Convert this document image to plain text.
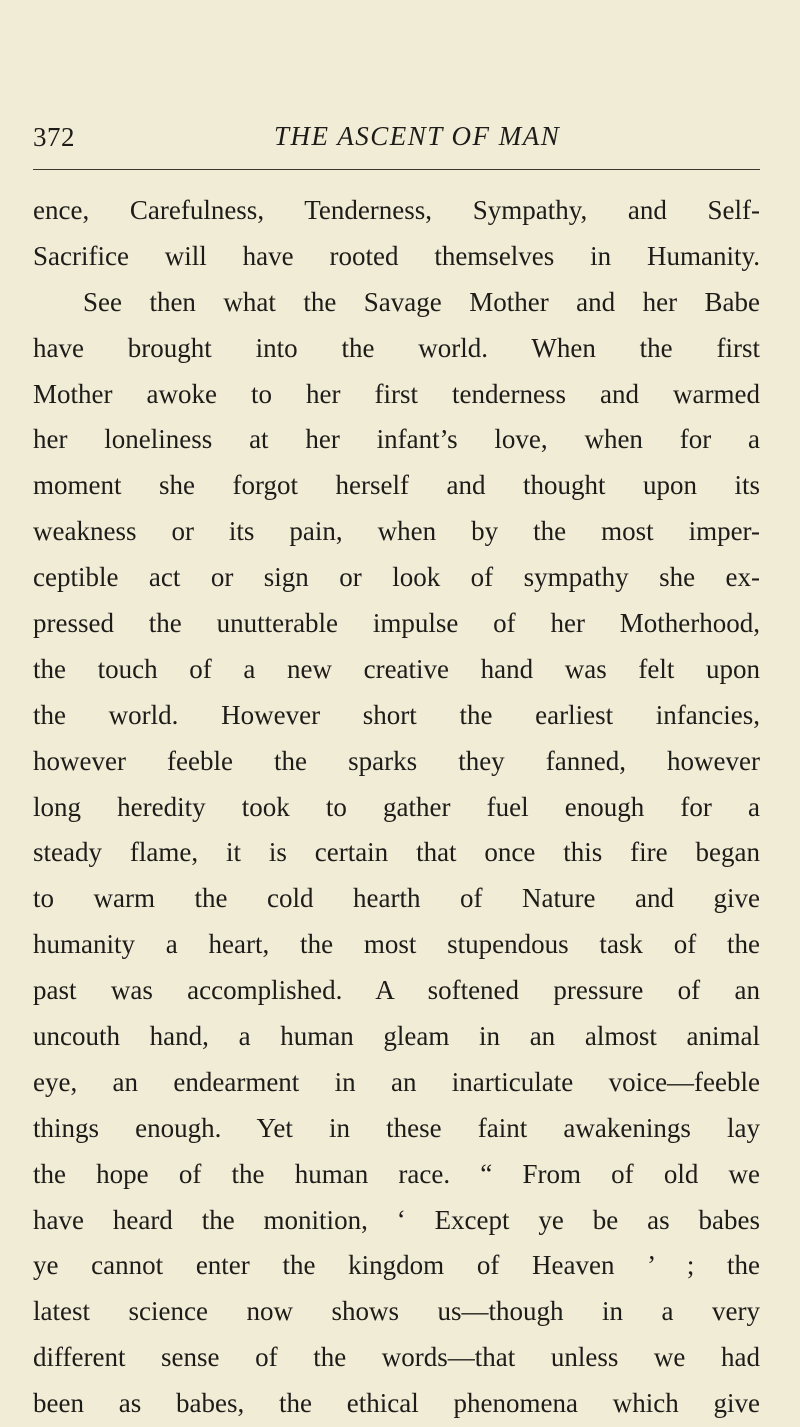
372	THE ASCENT OF MAN
ence, Carefulness, Tenderness, Sympathy, and Self-
Sacrifice will have rooted themselves in Humanity.
See then what the Savage Mother and her Babe
have brought into the world. When the first
Mother awoke to her first tenderness and warmed
her loneliness at her infant’s love, when for a
moment she forgot herself and thought upon its
weakness or its pain, when by the most imper-
ceptible act or sign or look of sympathy she ex-
pressed the unutterable impulse of her Motherhood,
the touch of a new creative hand was felt upon
the world. However short the earliest infancies,
however feeble the sparks they fanned, however
long heredity took to gather fuel enough for a
steady flame, it is certain that once this fire began
to warm the cold hearth of Nature and give
humanity a heart, the most stupendous task of the
past was accomplished. A softened pressure of an
uncouth hand, a human gleam in an almost animal
eye, an endearment in an inarticulate voice—feeble
things enough. Yet in these faint awakenings lay
the hope of the human race. “ From of old we
have heard the monition, ‘ Except ye be as babes
ye cannot enter the kingdom of Heaven ’ ; the
latest science now shows us—though in a very
different sense of the words—that unless we had
been as babes, the ethical phenomena which give
